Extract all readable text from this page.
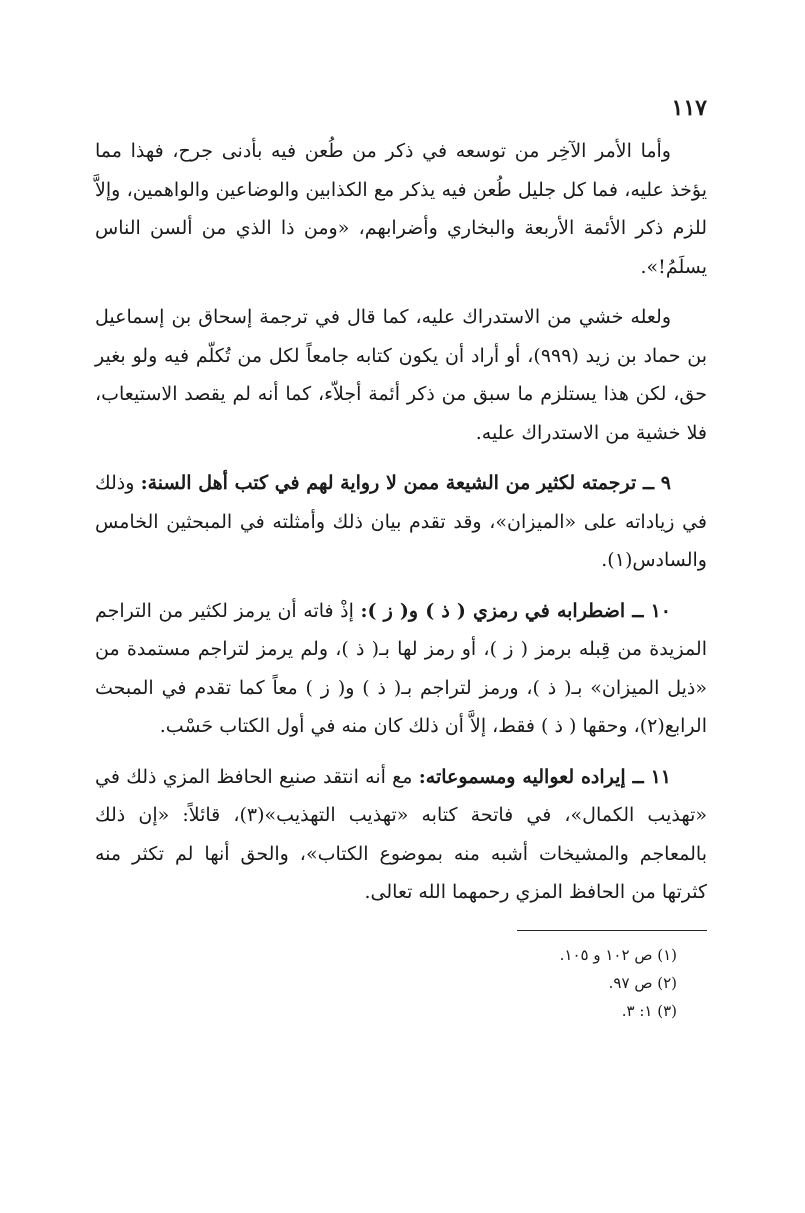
١١٧

وأما الأمر الآخِر من توسعه في ذكر من طُعن فيه بأدنى جرح، فهذا مما يؤخذ عليه، فما كل جليل طُعن فيه يذكر مع الكذابين والوضاعين والواهمين، وإلاَّ للزم ذكر الأئمة الأربعة والبخاري وأضرابهم، «ومن ذا الذي من ألسن الناس يسلَمُ!».

ولعله خشي من الاستدراك عليه، كما قال في ترجمة إسحاق بن إسماعيل بن حماد بن زيد (٩٩٩)، أو أراد أن يكون كتابه جامعاً لكل من تُكلّم فيه ولو بغير حق، لكن هذا يستلزم ما سبق من ذكر أئمة أجلاّء، كما أنه لم يقصد الاستيعاب، فلا خشية من الاستدراك عليه.

٩ ــ ترجمته لكثير من الشيعة ممن لا رواية لهم في كتب أهل السنة: وذلك في زياداته على «الميزان»، وقد تقدم بيان ذلك وأمثلته في المبحثين الخامس والسادس(١).

١٠ ــ اضطرابه في رمزي ( ذ ) و( ز ): إذْ فاته أن يرمز لكثير من التراجم المزيدة من قِبله برمز ( ز )، أو رمز لها بـ( ذ )، ولم يرمز لتراجم مستمدة من «ذيل الميزان» بـ( ذ )، ورمز لتراجم بـ( ذ ) و( ز ) معاً كما تقدم في المبحث الرابع(٢)، وحقها ( ذ ) فقط، إلاَّ أن ذلك كان منه في أول الكتاب حَسْب.

١١ ــ إيراده لعواليه ومسموعاته: مع أنه انتقد صنيع الحافظ المزي ذلك في «تهذيب الكمال»، في فاتحة كتابه «تهذيب التهذيب»(٣)، قائلاً: «إن ذلك بالمعاجم والمشيخات أشبه منه بموضوع الكتاب»، والحق أنها لم تكثر منه كثرتها من الحافظ المزي رحمهما الله تعالى.

(١) ص ١٠٢ و ١٠٥.

(٢) ص ٩٧.

(٣) ١: ٣.
